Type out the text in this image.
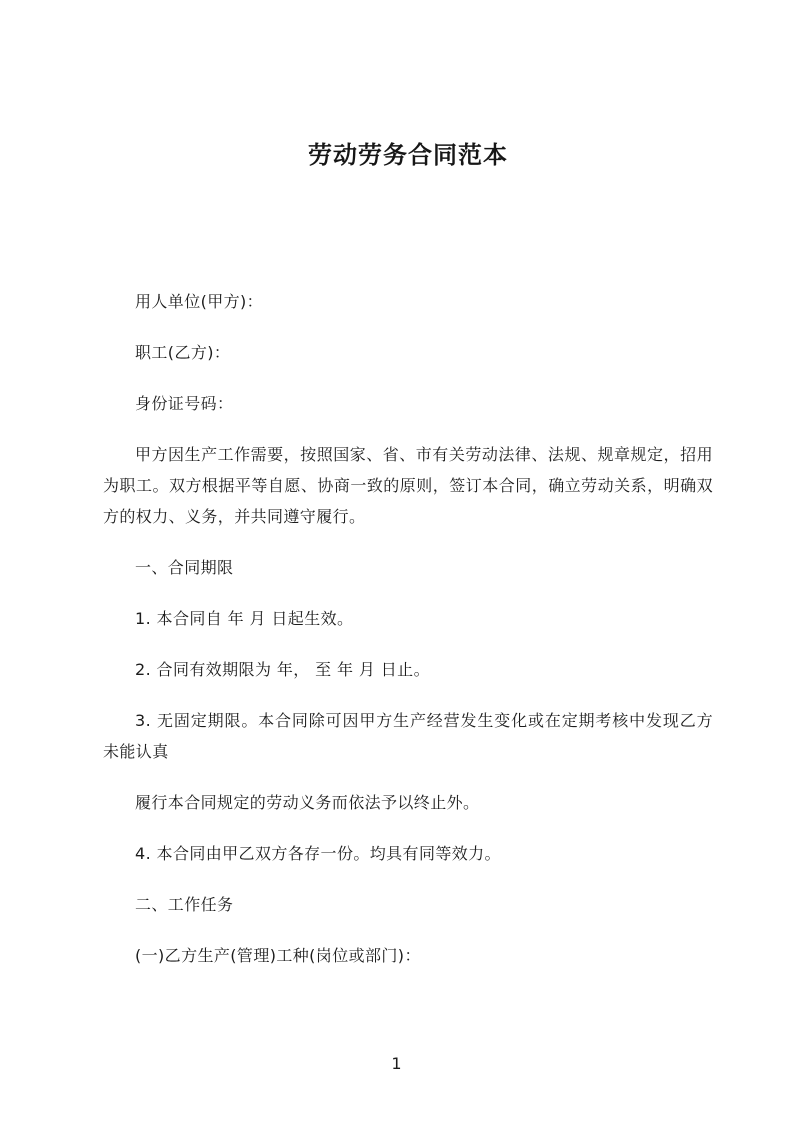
劳动劳务合同范本

用人单位(甲方)：

职工(乙方)：

身份证号码：

甲方因生产工作需要，按照国家、省、市有关劳动法律、法规、规章规定，招用 为职工。双方根据平等自愿、协商一致的原则，签订本合同，确立劳动关系，明确双方的权力、义务，并共同遵守履行。

一、合同期限

1. 本合同自 年 月 日起生效。

2. 合同有效期限为 年， 至 年 月 日止。

3. 无固定期限。本合同除可因甲方生产经营发生变化或在定期考核中发现乙方未能认真

履行本合同规定的劳动义务而依法予以终止外。

4. 本合同由甲乙双方各存一份。均具有同等效力。

二、工作任务

(一)乙方生产(管理)工种(岗位或部门)：

1
